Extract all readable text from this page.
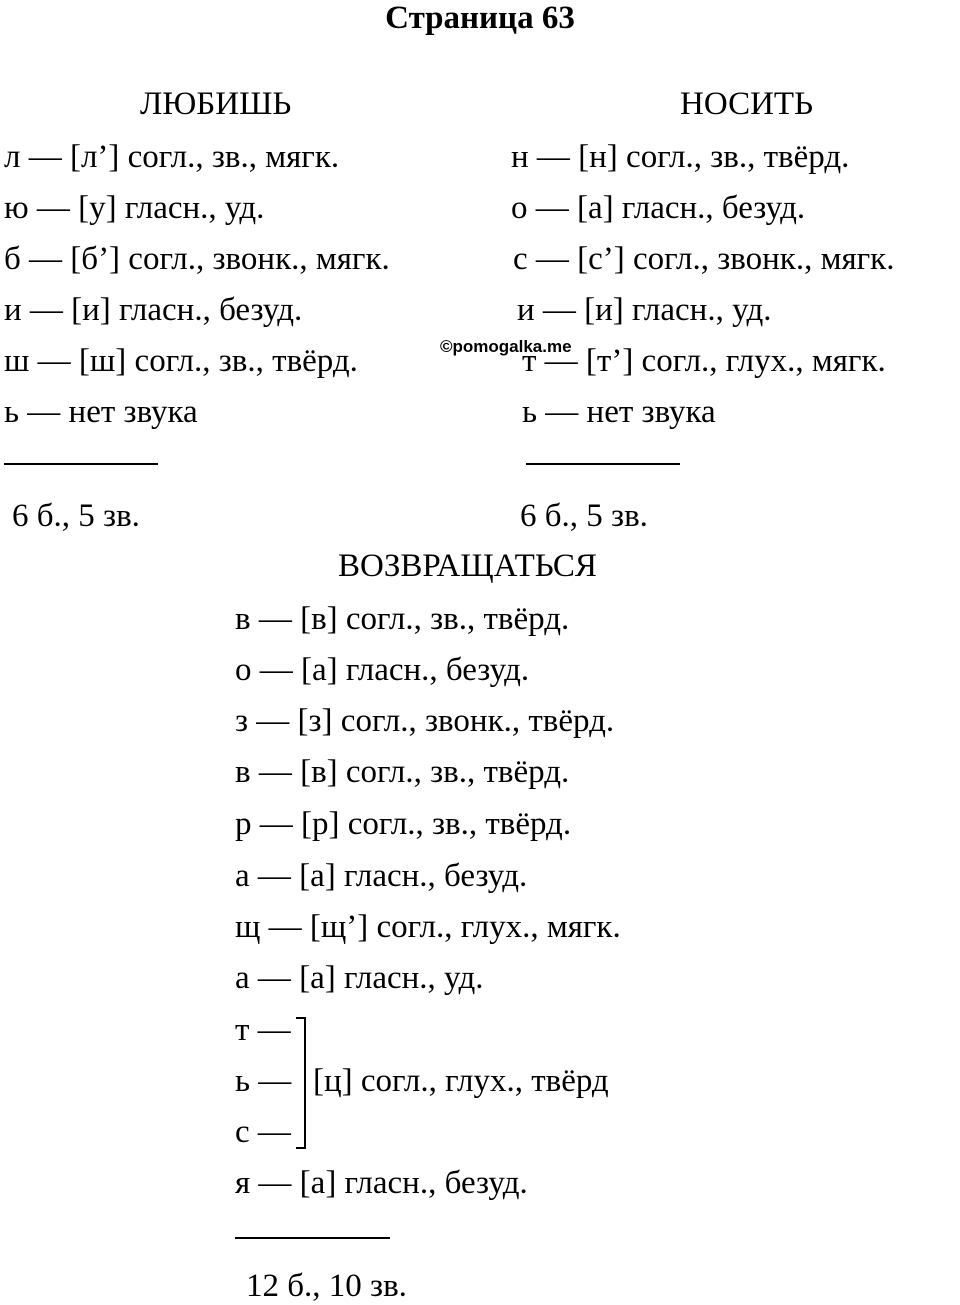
Страница 63
ЛЮБИШЬ
л — [л’] согл., зв., мягк.
ю — [у] гласн., уд.
б — [б’] согл., звонк., мягк.
и — [и] гласн., безуд.
ш — [ш] согл., зв., твёрд.
ь — нет звука
6 б., 5 зв.
НОСИТЬ
н — [н] согл., зв., твёрд.
о — [а] гласн., безуд.
с — [с’] согл., звонк., мягк.
и — [и] гласн., уд.
т — [т’] согл., глух., мягк.
ь — нет звука
6 б., 5 зв.
©pomogalka.me
ВОЗВРАЩАТЬСЯ
в — [в] согл., зв., твёрд.
о — [а] гласн., безуд.
з — [з] согл., звонк., твёрд.
в — [в] согл., зв., твёрд.
р — [р] согл., зв., твёрд.
а — [а] гласн., безуд.
щ — [щ’] согл., глух., мягк.
а — [а] гласн., уд.
т —
ь —
с —
[ц] согл., глух., твёрд
я — [а] гласн., безуд.
12 б., 10 зв.
